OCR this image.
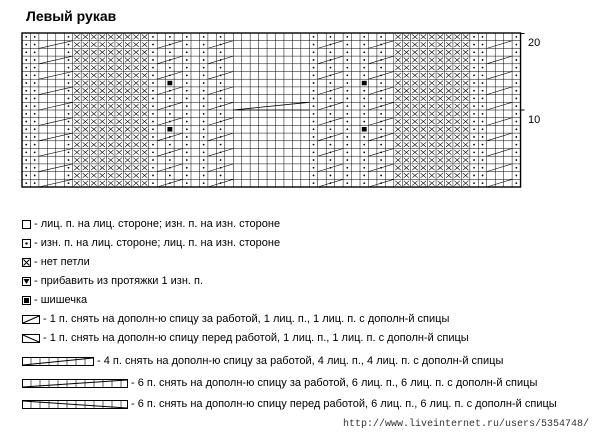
Левый рукав
20
10
- лиц. п. на лиц. стороне; изн. п. на изн. стороне
- изн. п. на лиц. стороне; лиц. п. на изн. стороне
- нет петли
- прибавить из протяжки 1 изн. п.
- шишечка
- 1 п. снять на дополн-ю спицу за работой, 1 лиц. п., 1 лиц. п. с дополн-й спицы
- 1 п. снять на дополн-ю спицу перед работой, 1 лиц. п., 1 лиц. п. с дополн-й спицы
- 4 п. снять на дополн-ю спицу за работой, 4 лиц. п., 4 лиц. п. с дополн-й спицы
- 6 п. снять на дополн-ю спицу за работой, 6 лиц. п., 6 лиц. п. с дополн-й спицы
- 6 п. снять на дополн-ю спицу перед работой, 6 лиц. п., 6 лиц. п. с дополн-й спицы
http://www.liveinternet.ru/users/5354748/
